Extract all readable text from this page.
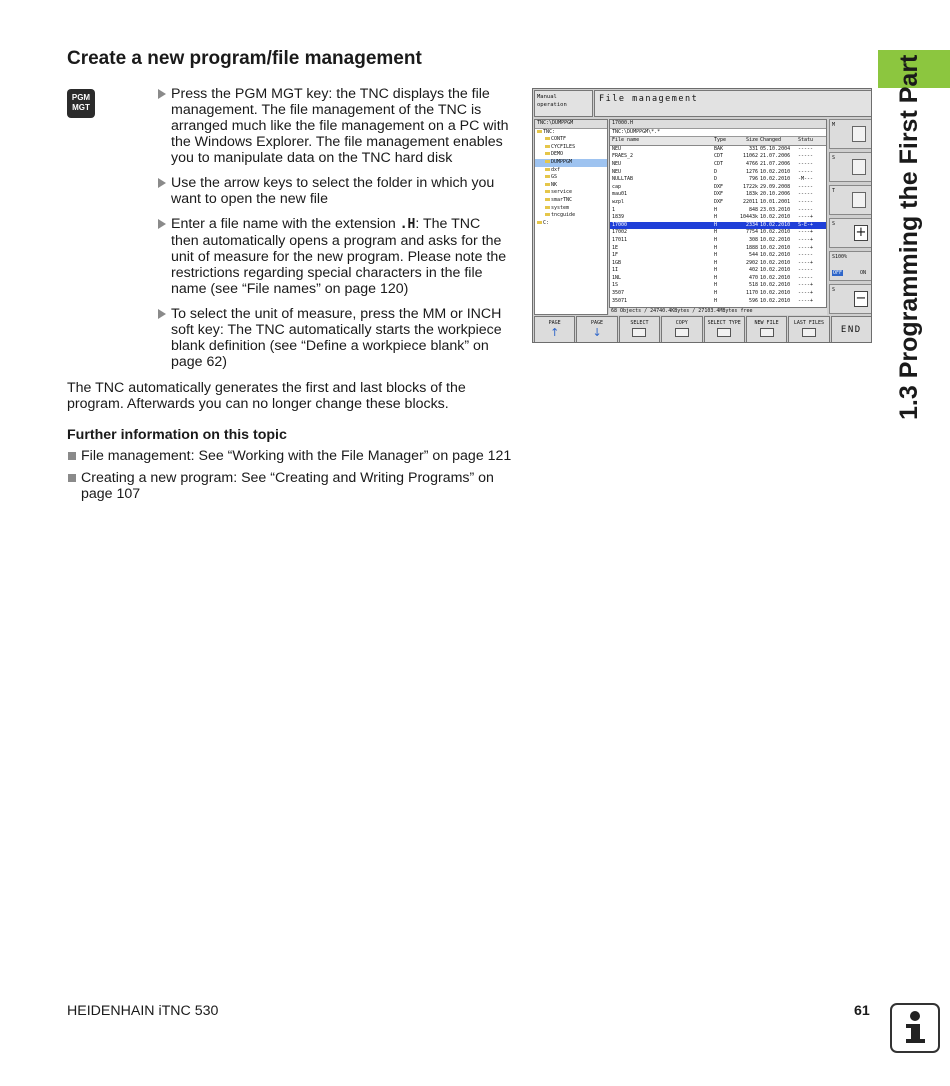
Create a new program/file management
PGM
MGT
Press the PGM MGT key: the TNC displays the file management. The file management of the TNC is arranged much like the file management on a PC with the Windows Explorer. The file management enables you to manipulate data on the TNC hard disk
Use the arrow keys to select the folder in which you want to open the new file
Enter a file name with the extension .H: The TNC then automatically opens a program and asks for the unit of measure for the new program. Please note the restrictions regarding special characters in the file name (see “File names” on page 120)
To select the unit of measure, press the MM or INCH soft key: The TNC automatically starts the workpiece blank definition (see “Define a workpiece blank” on page 62)
The TNC automatically generates the first and last blocks of the program. Afterwards you can no longer change these blocks.
Further information on this topic
File management: See “Working with the File Manager” on page 121
Creating a new program: See “Creating and Writing Programs” on page 107
Manual
operation
File management
TNC:\DUMPPGM
TNC:
CONTF
CYCFILES
DEMO
DUMPPGM
dxf
GS
NK
service
smarTNC
system
tncguide
C:
17000.H
TNC:\DUMPPGM\*.*
File name	Type	Size Changed	Statu
NEU	BAK	331 05.10.2004	-----
FRAES_2	CDT	11062 21.07.2006	-----
NEU	CDT	4766 21.07.2006	-----
NEU	D	1276 10.02.2010	-----
NULLTAB	D	796 10.02.2010	-M---
cap	DXF	1722k 29.09.2008	-----
mau01	DXF	183k 20.10.2006	-----
wzpl	DXF	22011 10.01.2001	-----
1	H	848 23.03.2010	-----
1839	H	10443k 10.02.2010	----+
17000	H	2334 10.02.2010	S-E-+
17002	H	7754 10.02.2010	----+
17011	H	308 10.02.2010	----+
1E	H	1888 10.02.2010	----+
1F	H	544 10.02.2010	-----
1GB	H	2902 10.02.2010	----+
1I	H	402 10.02.2010	-----
1NL	H	470 10.02.2010	-----
1S	H	518 10.02.2010	----+
3507	H	1170 10.02.2010	----+
35071	H	596 10.02.2010	----+
68 Objects / 24740.4KBytes / 27103.4MBytes free
M
S
T
S
+
S100%
OFF	ON
S
−
PAGE
↑
PAGE
↓
SELECT	COPY	SELECT TYPE	NEW FILE	LAST FILES
END	1.3 Programming the First Part
HEIDENHAIN iTNC 530	61
